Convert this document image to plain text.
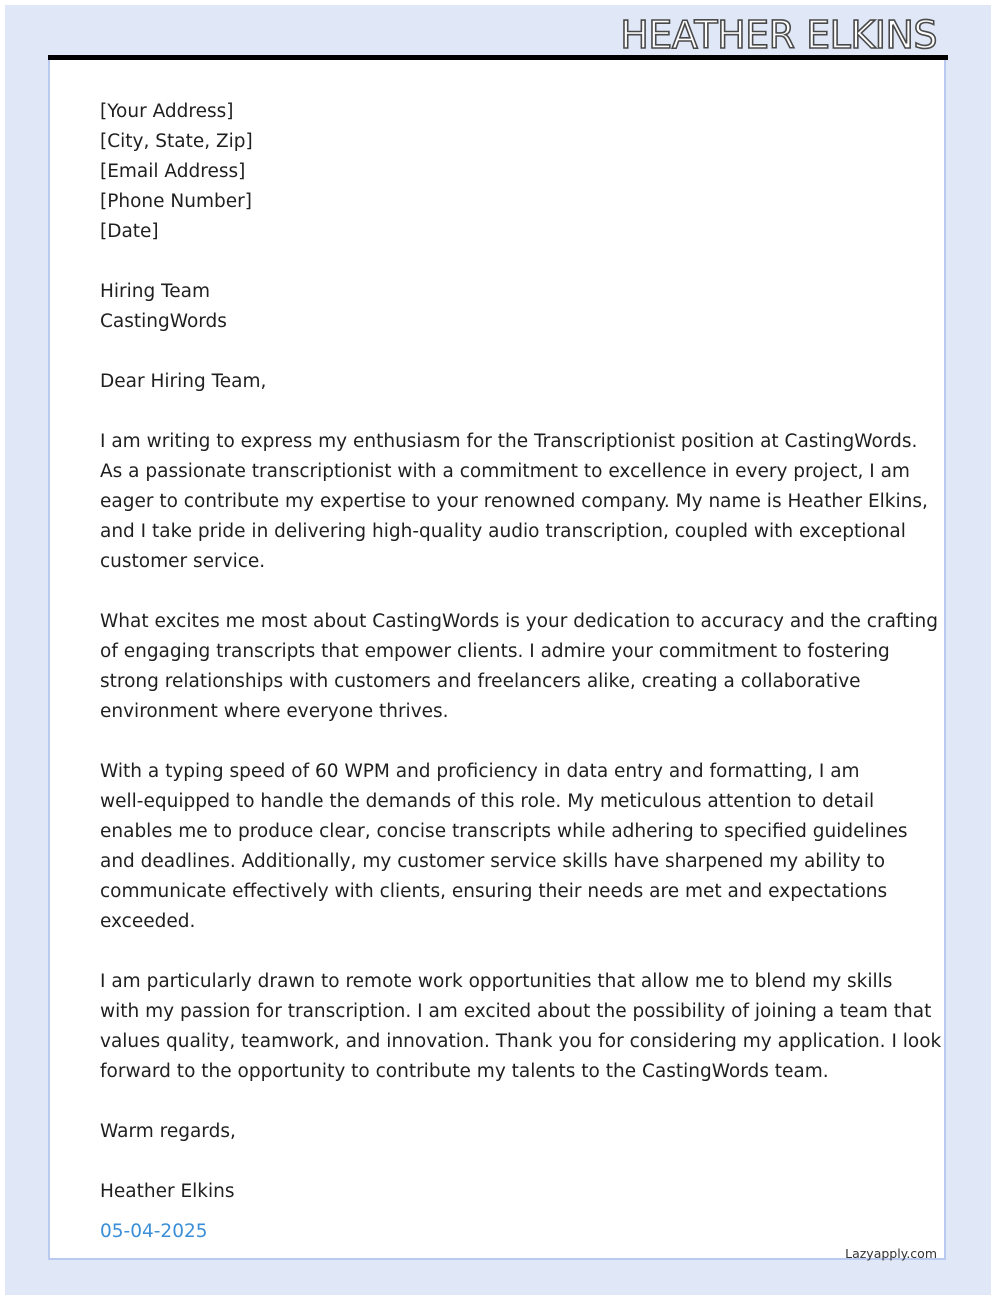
HEATHER ELKINS
[Your Address]
[City, State, Zip]
[Email Address]
[Phone Number]
[Date]
Hiring Team
CastingWords
Dear Hiring Team,
I am writing to express my enthusiasm for the Transcriptionist position at CastingWords.
As a passionate transcriptionist with a commitment to excellence in every project, I am
eager to contribute my expertise to your renowned company. My name is Heather Elkins,
and I take pride in delivering high-quality audio transcription, coupled with exceptional
customer service.
What excites me most about CastingWords is your dedication to accuracy and the crafting
of engaging transcripts that empower clients. I admire your commitment to fostering
strong relationships with customers and freelancers alike, creating a collaborative
environment where everyone thrives.
With a typing speed of 60 WPM and proficiency in data entry and formatting, I am
well-equipped to handle the demands of this role. My meticulous attention to detail
enables me to produce clear, concise transcripts while adhering to specified guidelines
and deadlines. Additionally, my customer service skills have sharpened my ability to
communicate effectively with clients, ensuring their needs are met and expectations
exceeded.
I am particularly drawn to remote work opportunities that allow me to blend my skills
with my passion for transcription. I am excited about the possibility of joining a team that
values quality, teamwork, and innovation. Thank you for considering my application. I look
forward to the opportunity to contribute my talents to the CastingWords team.
Warm regards,
Heather Elkins
05-04-2025
Lazyapply.com
